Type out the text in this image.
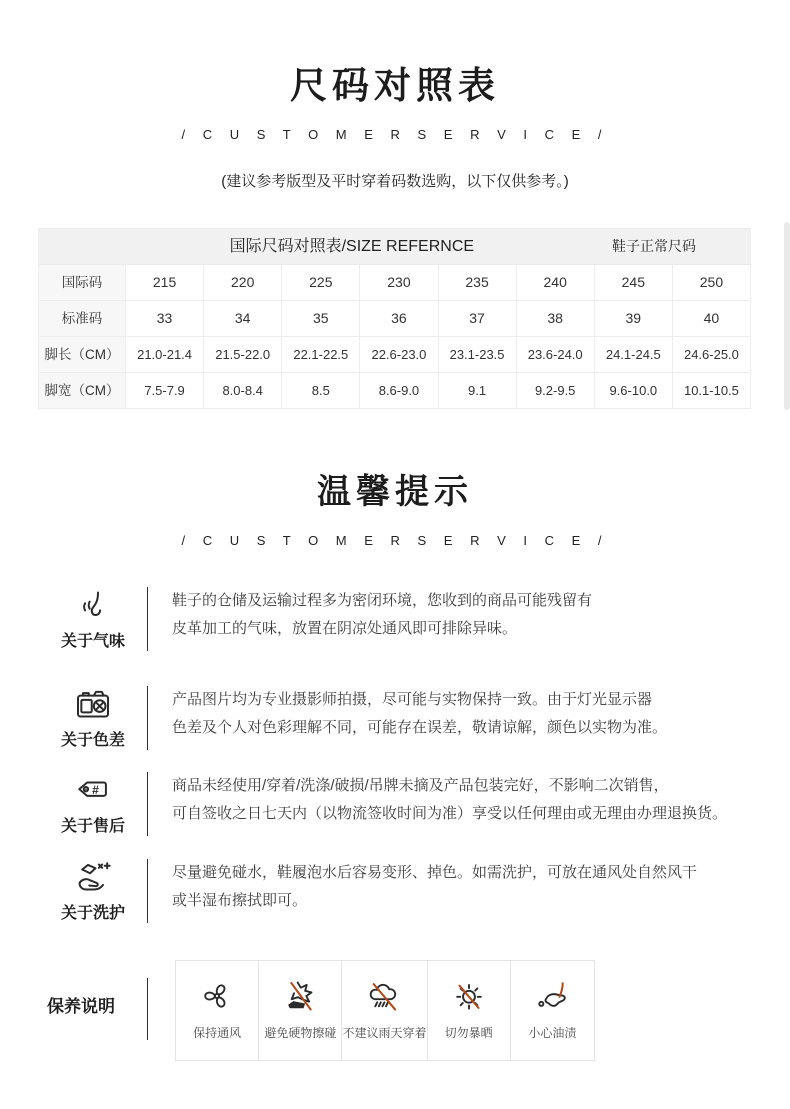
尺码对照表
/ C U S T O M E R S E R V I C E /
(建议参考版型及平时穿着码数选购，以下仅供参考。)
国际尺码对照表/SIZE REFERNCE	鞋子正常尺码
国际码	215	220	225	230	235	240	245	250
标准码	33	34	35	36	37	38	39	40
脚长（CM）	21.0-21.4	21.5-22.0	22.1-22.5	22.6-23.0	23.1-23.5	23.6-24.0	24.1-24.5	24.6-25.0
脚宽（CM）	7.5-7.9	8.0-8.4	8.5	8.6-9.0	9.1	9.2-9.5	9.6-10.0	10.1-10.5
温馨提示
/ C U S T O M E R S E R V I C E /
关于气味
鞋子的仓储及运输过程多为密闭环境，您收到的商品可能残留有
皮革加工的气味，放置在阴凉处通风即可排除异味。
关于色差
产品图片均为专业摄影师拍摄，尽可能与实物保持一致。由于灯光显示器
色差及个人对色彩理解不同，可能存在误差，敬请谅解，颜色以实物为准。
#
关于售后
商品未经使用/穿着/洗涤/破损/吊牌未摘及产品包装完好，不影响二次销售，
可自签收之日七天内（以物流签收时间为准）享受以任何理由或无理由办理退换货。
关于洗护
尽量避免碰水，鞋履泡水后容易变形、掉色。如需洗护，可放在通风处自然风干
或半湿布擦拭即可。
保养说明
保持通风 避免硬物擦碰 不建议雨天穿着 切勿暴晒	小心油渍
